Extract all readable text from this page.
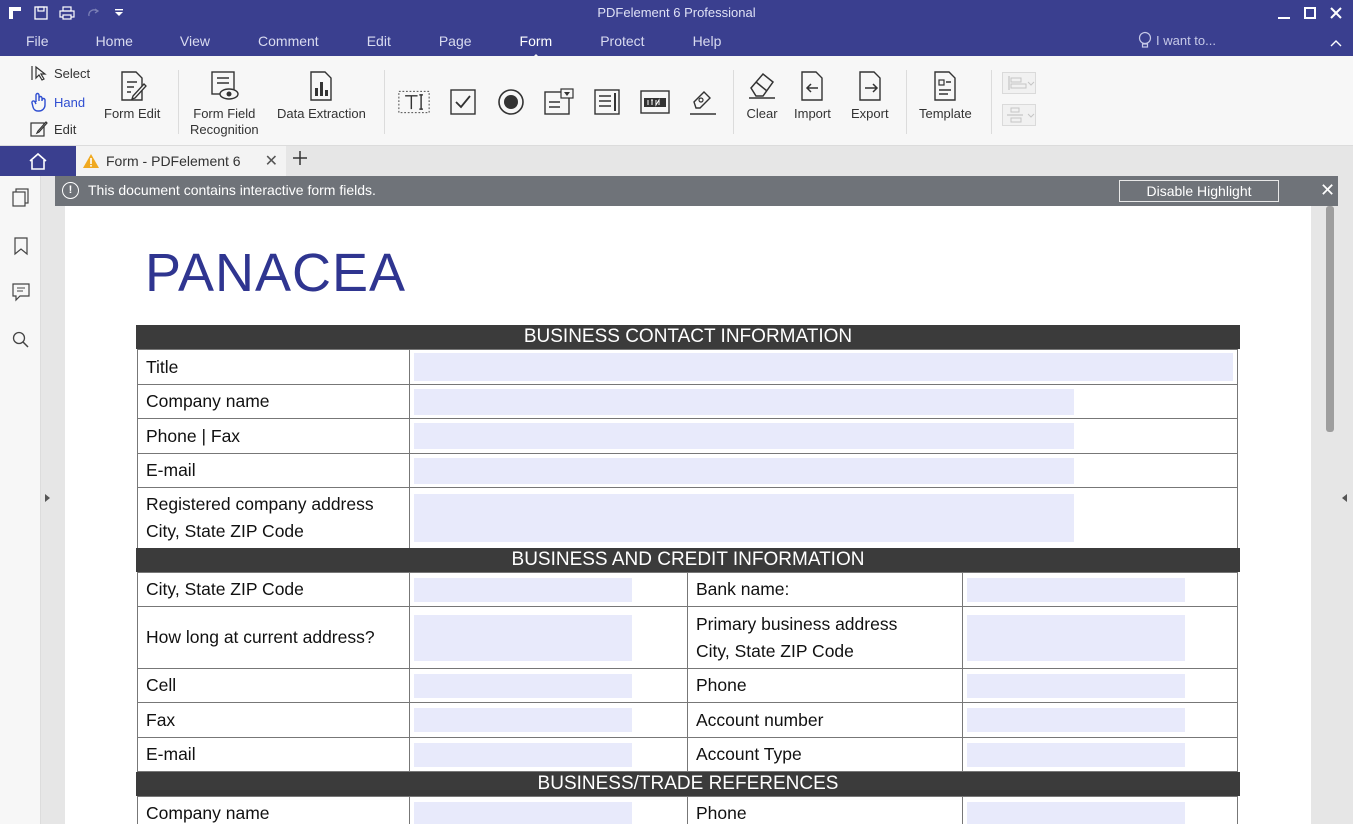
PDFelement 6 Professional
File	Home	View	Comment	Edit	Page	Form	Protect	Help	I want to...
Select
Hand
Edit
Form Edit	Form Field
Recognition
Data Extraction	Clear Import Export Template
Form - PDFelement 6 ✕
PANACEA
BUSINESS CONTACT INFORMATION
Title	

Company name	

Phone | Fax	

E-mail	

Registered company address
City, State ZIP Code	

BUSINESS AND CREDIT INFORMATION
City, State ZIP Code		Bank name:	

How long at current address?		Primary business address
City, State ZIP Code	

Cell		Phone	

Fax		Account number	

E-mail		Account Type	
BUSINESS/TRADE REFERENCES
Company name		Phone	
!	This document contains interactive form fields.	Disable Highlight	✕
